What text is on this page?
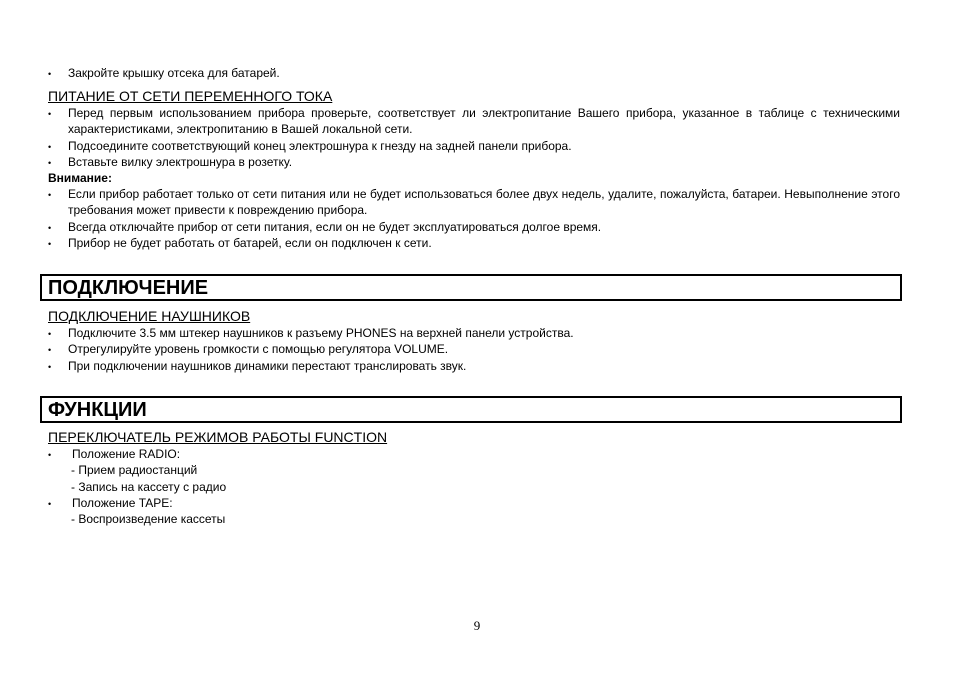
• Закройте крышку отсека для батарей.
ПИТАНИЕ ОТ СЕТИ ПЕРЕМЕННОГО ТОКА
• Перед первым использованием прибора проверьте, соответствует ли электропитание Вашего прибора, указанное в таблице с техническими характеристиками, электропитанию в Вашей локальной сети.
• Подсоедините соответствующий конец электрошнура к гнезду на задней панели прибора.
• Вставьте вилку электрошнура в розетку.
Внимание:
• Если прибор работает только от сети питания или не будет использоваться более двух недель, удалите, пожалуйста, батареи. Невыполнение этого требования может привести к повреждению прибора.
• Всегда отключайте прибор от сети питания, если он не будет эксплуатироваться долгое время.
• Прибор не будет работать от батарей, если он подключен к сети.
ПОДКЛЮЧЕНИЕ
ПОДКЛЮЧЕНИЕ НАУШНИКОВ
• Подключите 3.5 мм штекер наушников к разъему PHONES на верхней панели устройства.
• Отрегулируйте уровень громкости с помощью регулятора VOLUME.
• При подключении наушников динамики перестают транслировать звук.
ФУНКЦИИ
ПЕРЕКЛЮЧАТЕЛЬ РЕЖИМОВ РАБОТЫ FUNCTION
• Положение RADIO:
- Прием радиостанций
- Запись на кассету с радио
• Положение TAPE:
- Воспроизведение кассеты
9
